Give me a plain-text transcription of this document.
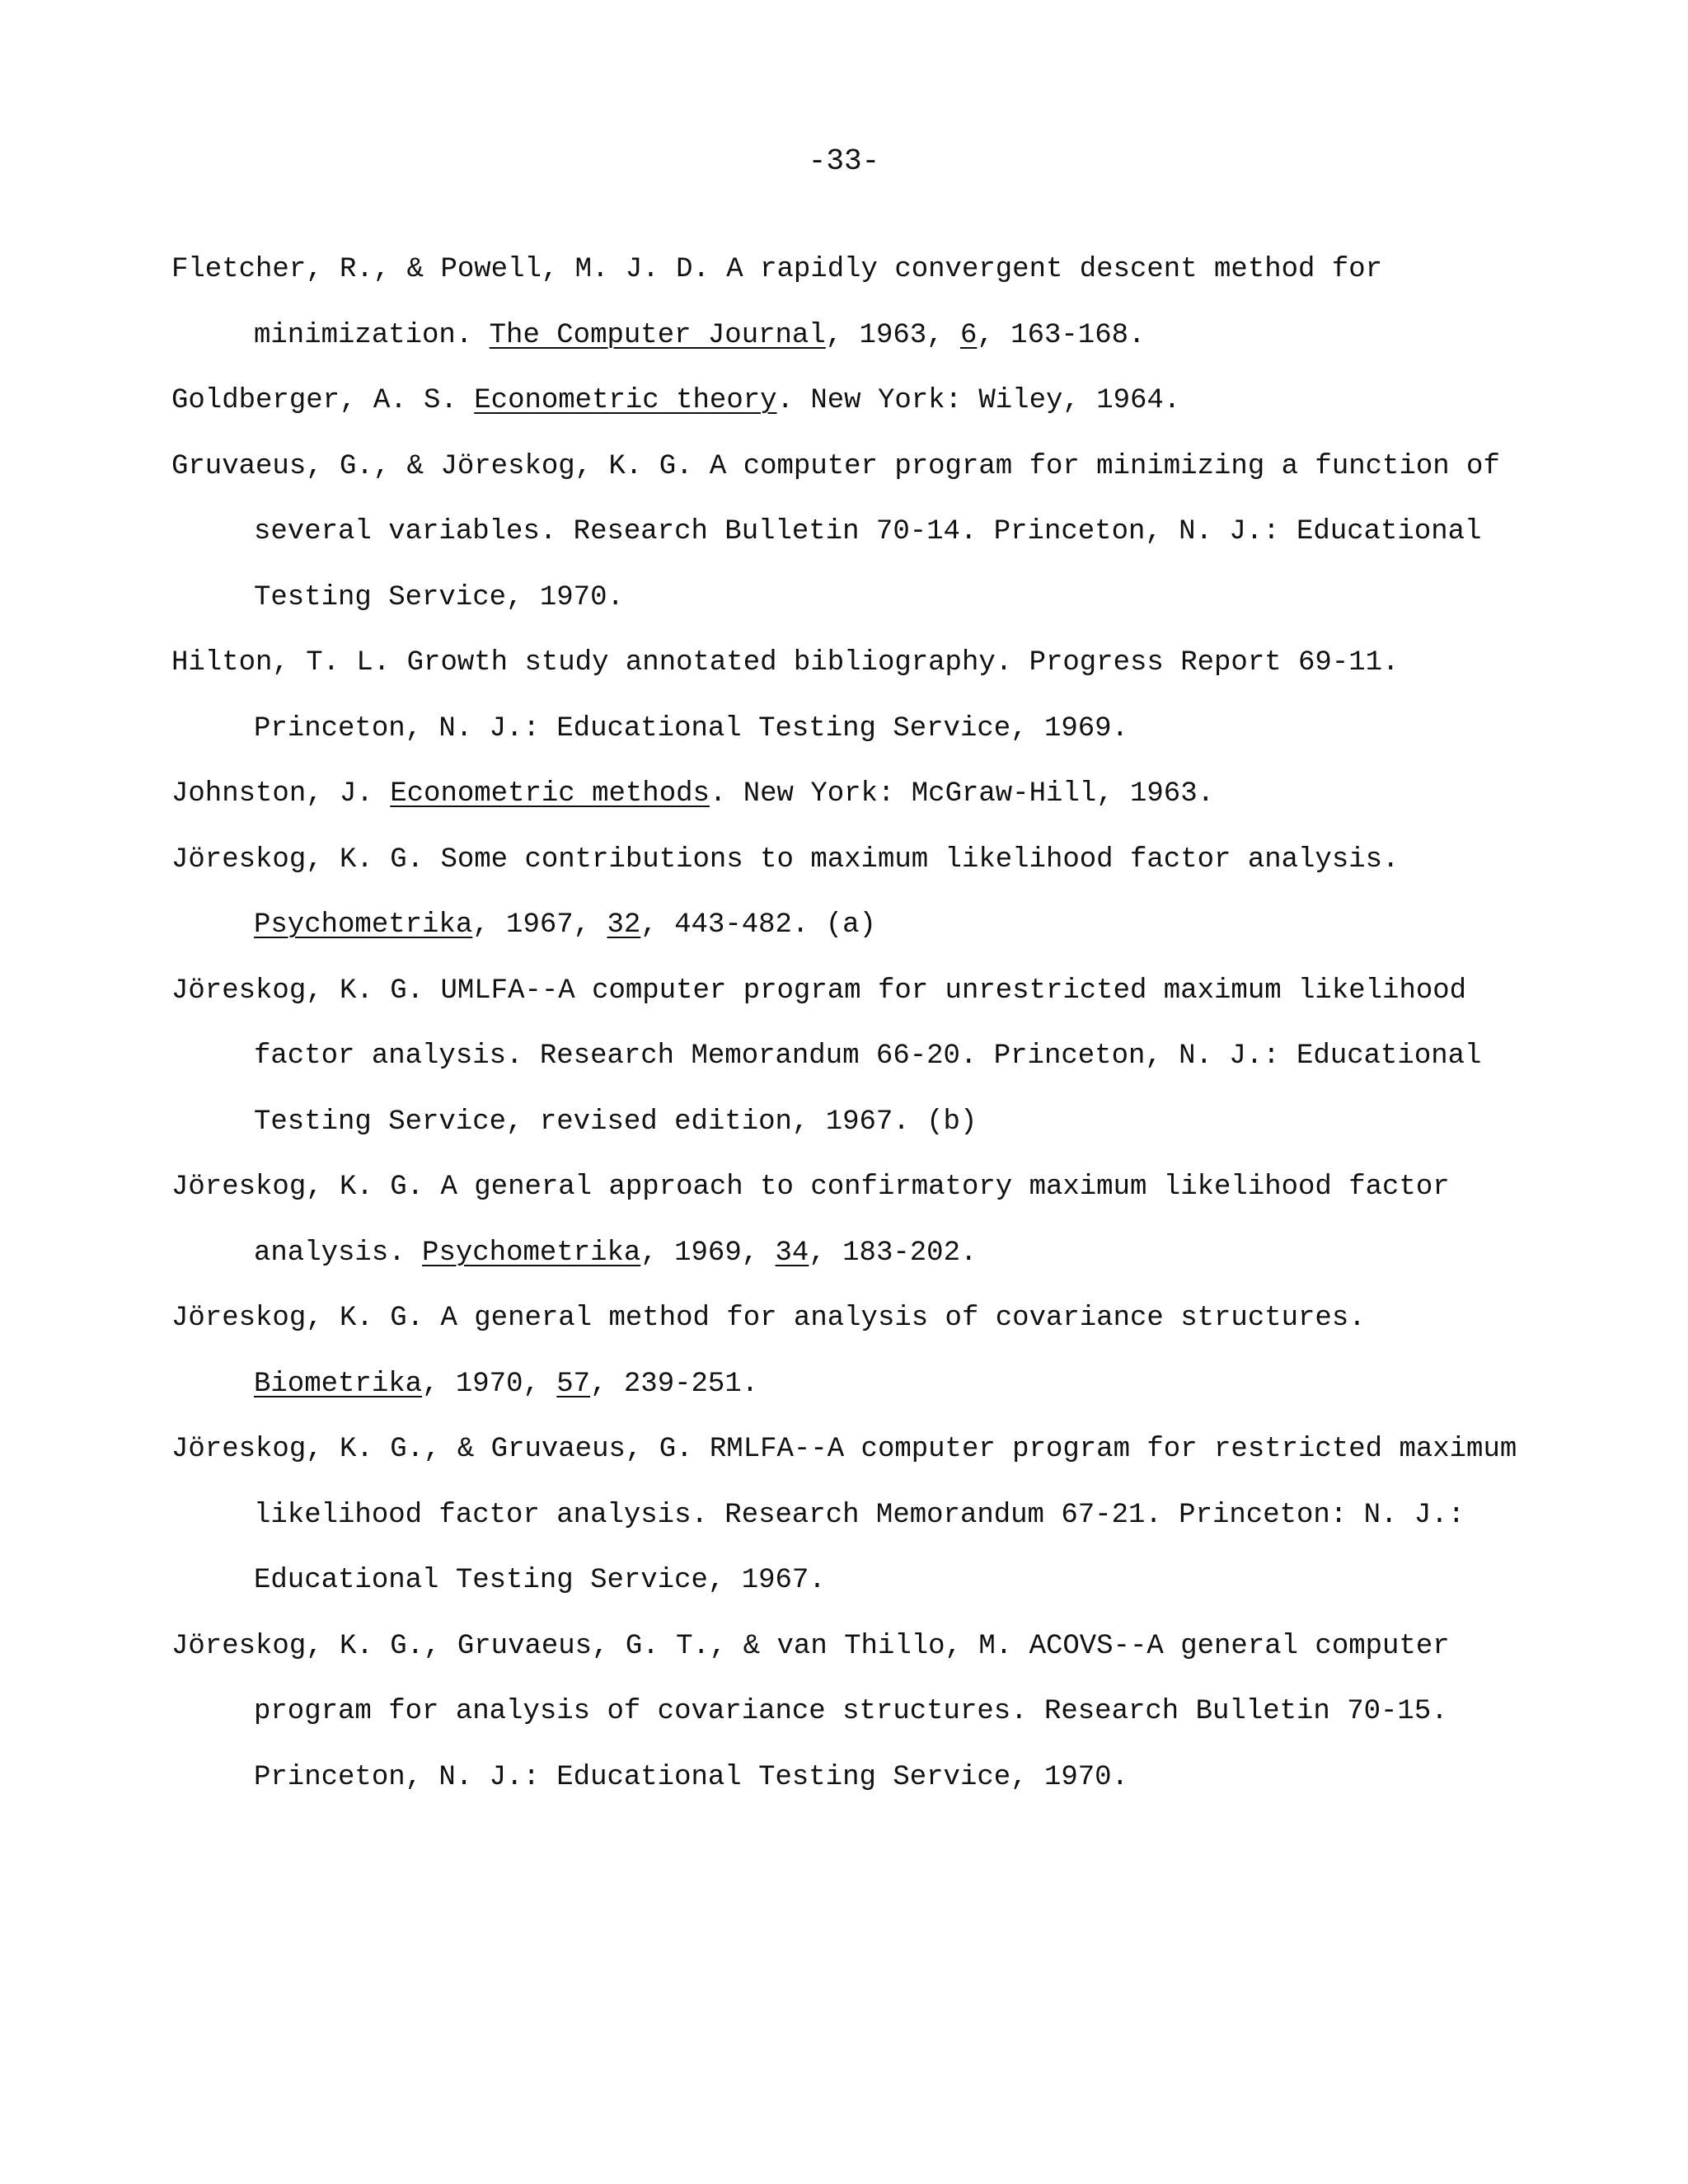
-33-
Fletcher, R., & Powell, M. J. D. A rapidly convergent descent method for minimization. The Computer Journal, 1963, 6, 163-168.
Goldberger, A. S. Econometric theory. New York: Wiley, 1964.
Gruvaeus, G., & Jöreskog, K. G. A computer program for minimizing a function of several variables. Research Bulletin 70-14. Princeton, N. J.: Educational Testing Service, 1970.
Hilton, T. L. Growth study annotated bibliography. Progress Report 69-11. Princeton, N. J.: Educational Testing Service, 1969.
Johnston, J. Econometric methods. New York: McGraw-Hill, 1963.
Jöreskog, K. G. Some contributions to maximum likelihood factor analysis. Psychometrika, 1967, 32, 443-482. (a)
Jöreskog, K. G. UMLFA--A computer program for unrestricted maximum likelihood factor analysis. Research Memorandum 66-20. Princeton, N. J.: Educational Testing Service, revised edition, 1967. (b)
Jöreskog, K. G. A general approach to confirmatory maximum likelihood factor analysis. Psychometrika, 1969, 34, 183-202.
Jöreskog, K. G. A general method for analysis of covariance structures. Biometrika, 1970, 57, 239-251.
Jöreskog, K. G., & Gruvaeus, G. RMLFA--A computer program for restricted maximum likelihood factor analysis. Research Memorandum 67-21. Princeton: N. J.: Educational Testing Service, 1967.
Jöreskog, K. G., Gruvaeus, G. T., & van Thillo, M. ACOVS--A general computer program for analysis of covariance structures. Research Bulletin 70-15. Princeton, N. J.: Educational Testing Service, 1970.
